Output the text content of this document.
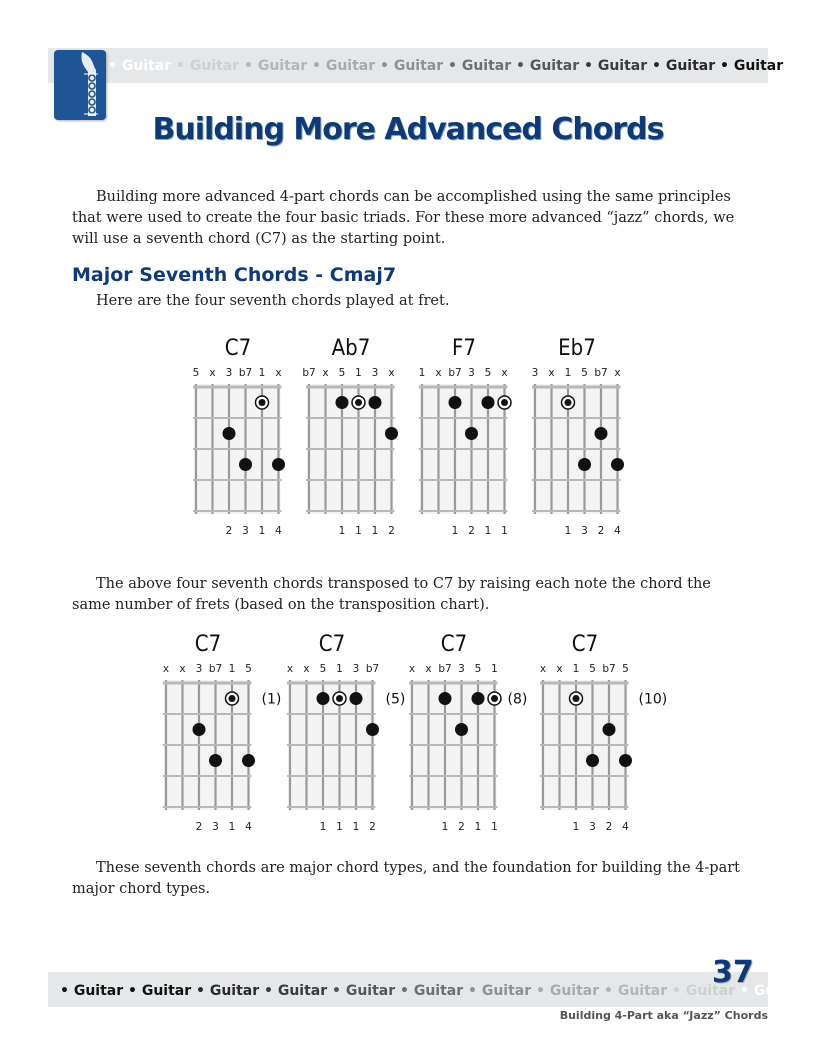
• Guitar • Guitar • Guitar • Guitar • Guitar • Guitar • Guitar • Guitar • Guitar • Guitar
Building More Advanced Chords

Building more advanced 4-part chords can be accomplished using the same principles that were used to create the four basic triads. For these more advanced “jazz” chords, we will use a seventh chord (C7) as the starting point.

Major Seventh Chords - Cmaj7

Here are the four seventh chords played at fret.

C7
5 x 3 b7 1 x
2 3 1 4
Ab7
b7 x 5 1 3 x
1 1 1 2
F7
1 x b7 3 5 x
1 2 1 1
Eb7
3 x 1 5 b7 x
1 3 2 4

The above four seventh chords transposed to C7 by raising each note the chord the same number of frets (based on the transposition chart).

C7
x x 3 b7 1 5
(1)
2 3 1 4
C7
x x 5 1 3 b7
(5)
1 1 1 2
C7
x x b7 3 5 1
(8)
1 2 1 1
C7
x x 1 5 b7 5
(10)
1 3 2 4

These seventh chords are major chord types, and the foundation for building the 4-part major chord types.

• Guitar • Guitar • Guitar • Guitar • Guitar • Guitar • Guitar • Guitar • Guitar • Guitar • Guitar
37
Building 4-Part aka “Jazz” Chords
